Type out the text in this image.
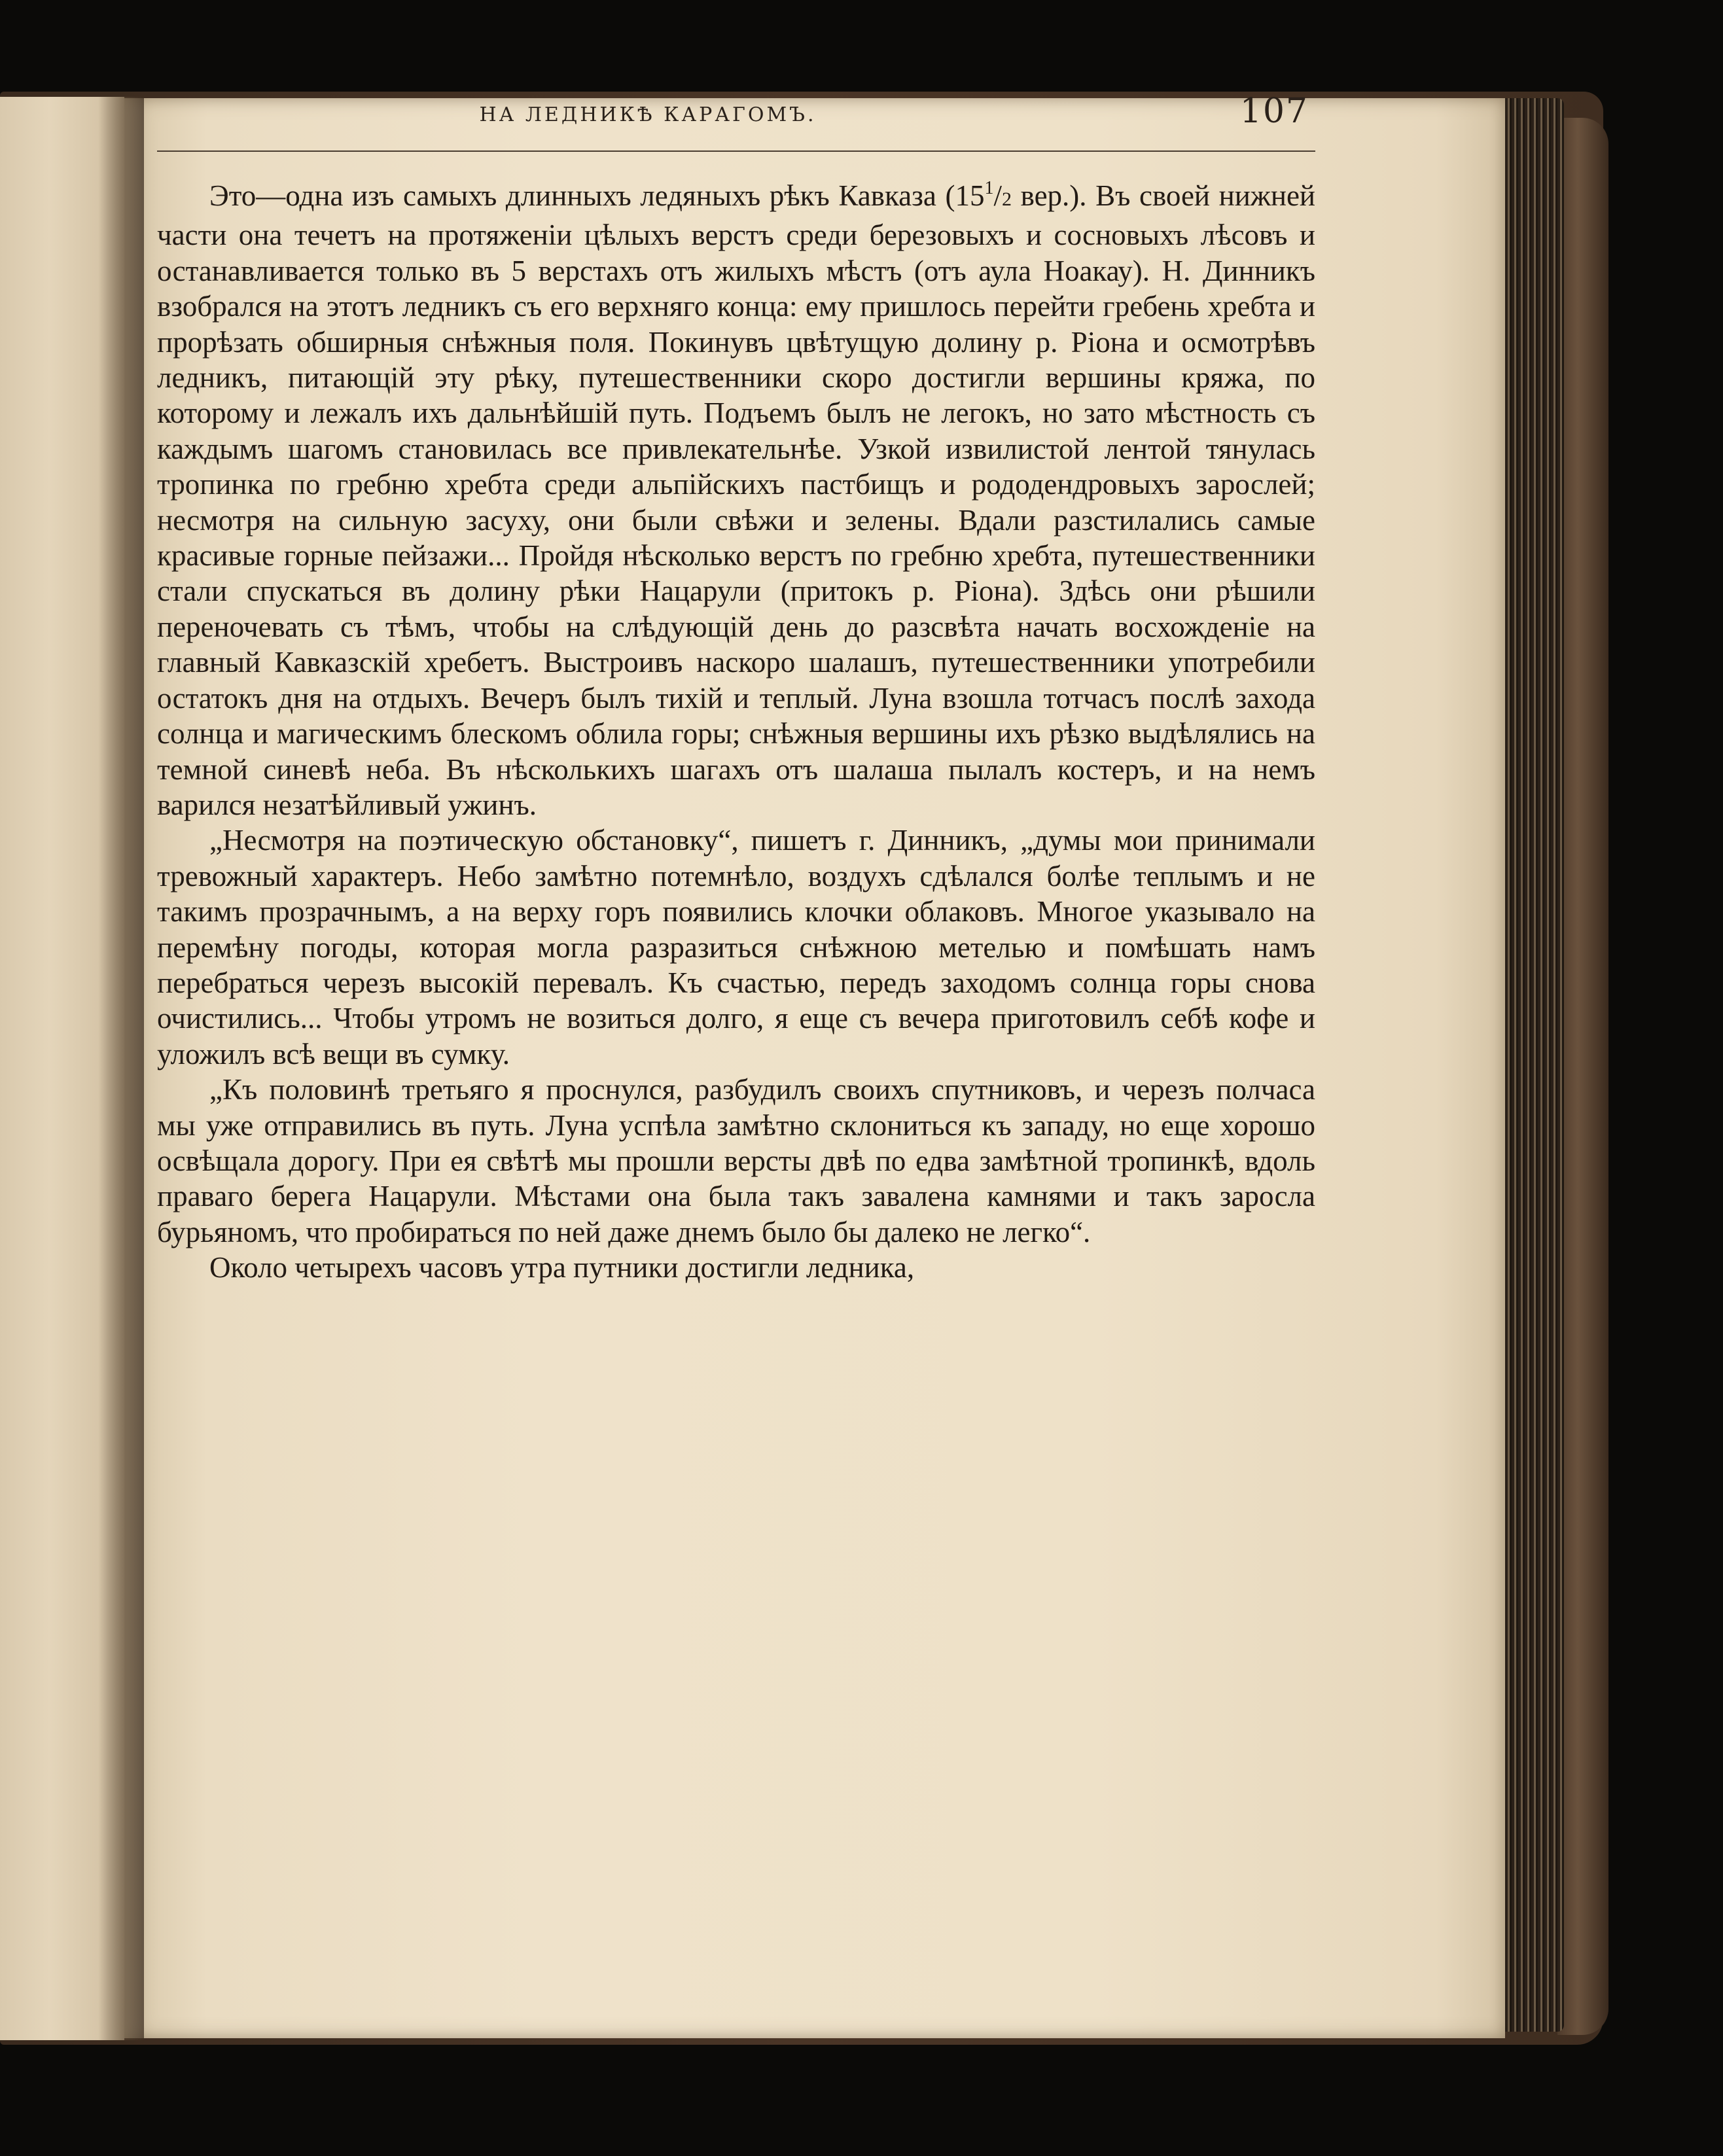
НА ЛЕДНИКѢ КАРАГОМЪ.	107

Это—одна изъ самыхъ длинныхъ ледяныхъ рѣкъ Кавказа ($15^1/2$ вер.). Въ своей нижней части она течетъ на протяженіи цѣлыхъ верстъ среди березовыхъ и сосновыхъ лѣсовъ и останавливается только въ 5 верстахъ отъ жилыхъ мѣстъ (отъ аула Ноакау). Н. Динникъ взобрался на этотъ ледникъ съ его верхняго конца: ему пришлось перейти гребень хребта и прорѣзать обширныя снѣжныя поля. Покинувъ цвѣтущую долину р. Ріона и осмотрѣвъ ледникъ, питающій эту рѣку, путешественники скоро достигли вершины кряжа, по которому и лежалъ ихъ дальнѣйшій путь. Подъемъ былъ не легокъ, но зато мѣстность съ каждымъ шагомъ становилась все привлекательнѣе. Узкой извилистой лентой тянулась тропинка по гребню хребта среди альпійскихъ пастбищъ и рододендровыхъ зарослей; несмотря на сильную засуху, они были свѣжи и зелены. Вдали разстилались самые красивые горные пейзажи... Пройдя нѣсколько верстъ по гребню хребта, путешественники стали спускаться въ долину рѣки Нацарули (притокъ р. Ріона). Здѣсь они рѣшили переночевать съ тѣмъ, чтобы на слѣдующій день до разсвѣта начать восхожденіе на главный Кавказскій хребетъ. Выстроивъ наскоро шалашъ, путешественники употребили остатокъ дня на отдыхъ. Вечеръ былъ тихій и теплый. Луна взошла тотчасъ послѣ захода солнца и магическимъ блескомъ облила горы; снѣжныя вершины ихъ рѣзко выдѣлялись на темной синевѣ неба. Въ нѣсколькихъ шагахъ отъ шалаша пылалъ костеръ, и на немъ варился незатѣйливый ужинъ.

„Несмотря на поэтическую обстановку“, пишетъ г. Динникъ, „думы мои принимали тревожный характеръ. Небо замѣтно потемнѣло, воздухъ сдѣлался болѣе теплымъ и не такимъ прозрачнымъ, а на верху горъ появились клочки облаковъ. Многое указывало на перемѣну погоды, которая могла разразиться снѣжною метелью и помѣшать намъ перебраться черезъ высокій перевалъ. Къ счастью, передъ заходомъ солнца горы снова очистились... Чтобы утромъ не возиться долго, я еще съ вечера приготовилъ себѣ кофе и уложилъ всѣ вещи въ сумку.

„Къ половинѣ третьяго я проснулся, разбудилъ своихъ спутниковъ, и черезъ полчаса мы уже отправились въ путь. Луна успѣла замѣтно склониться къ западу, но еще хорошо освѣщала дорогу. При ея свѣтѣ мы прошли версты двѣ по едва замѣтной тропинкѣ, вдоль праваго берега Нацарули. Мѣстами она была такъ завалена камнями и такъ заросла бурьяномъ, что пробираться по ней даже днемъ было бы далеко не легко“.

Около четырехъ часовъ утра путники достигли ледника,
